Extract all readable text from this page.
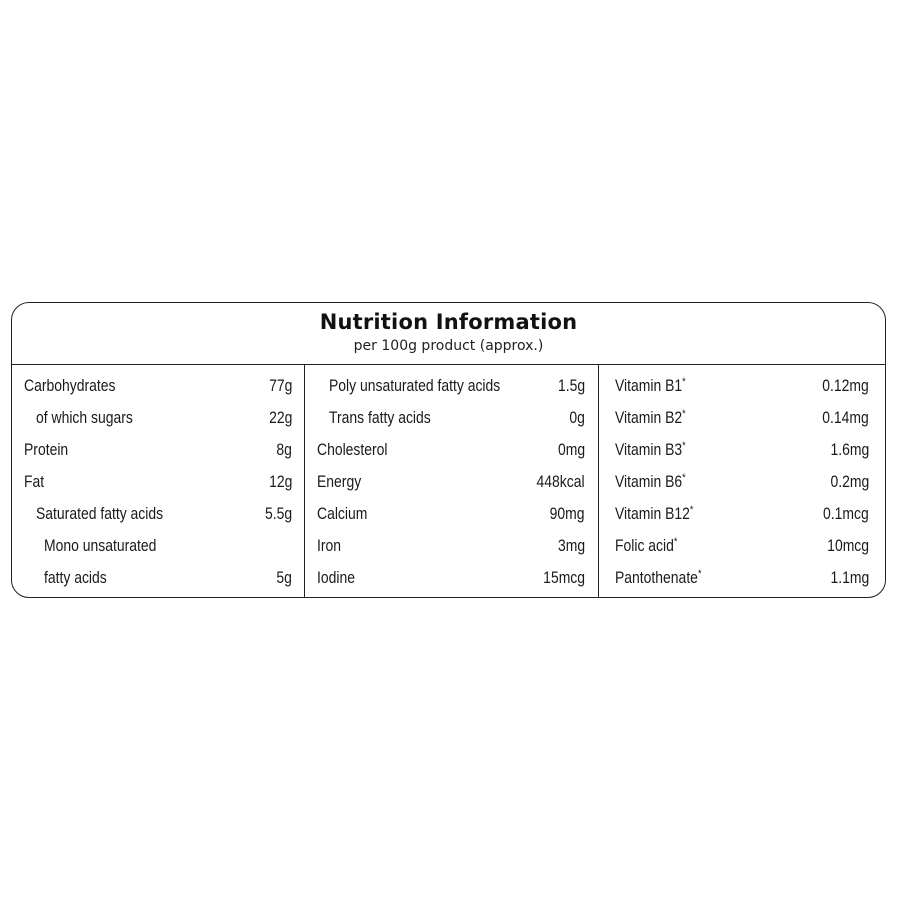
Nutrition Information
per 100g product (approx.)
Carbohydrates	77g
of which sugars	22g
Protein	8g
Fat	12g
Saturated fatty acids	5.5g
Mono unsaturated
fatty acids	5g
Poly unsaturated fatty acids	1.5g
Trans fatty acids	0g
Cholesterol	0mg
Energy	448kcal
Calcium	90mg
Iron	3mg
Iodine	15mcg
Vitamin B1*	0.12mg
Vitamin B2*	0.14mg
Vitamin B3*	1.6mg
Vitamin B6*	0.2mg
Vitamin B12*	0.1mcg
Folic acid*	10mcg
Pantothenate*	1.1mg
